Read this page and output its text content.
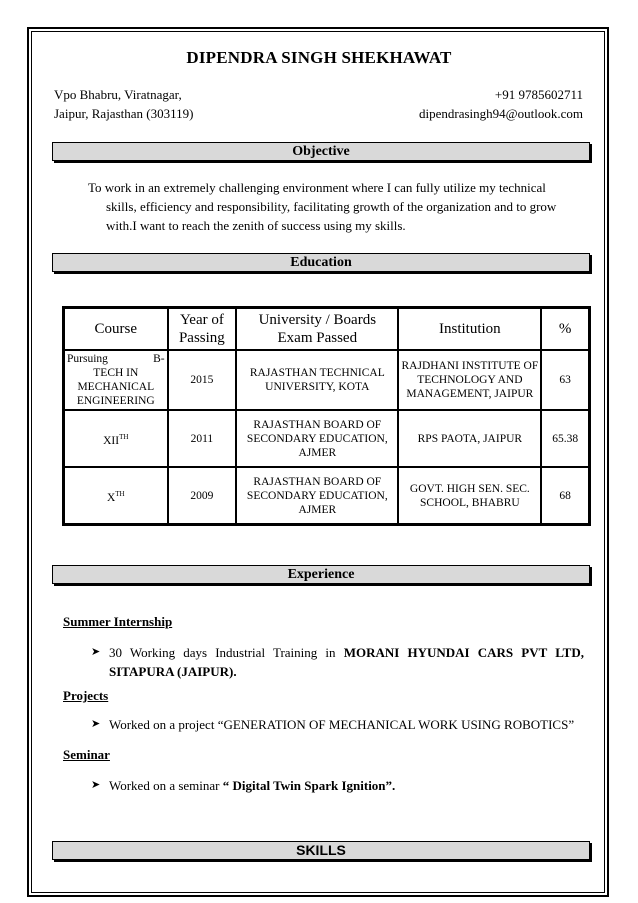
DIPENDRA SINGH SHEKHAWAT
Vpo Bhabru, Viratnagar,
Jaipur, Rajasthan (303119)
+91 9785602711
dipendrasingh94@outlook.com
Objective
To work in an extremely challenging environment where I can fully utilize my technical skills, efficiency and responsibility, facilitating growth of the organization and to grow with.I want to reach the zenith of success using my skills.
Education
Course	Year of Passing	University / Boards Exam Passed	Institution	%

Pursuing B-
TECH IN MECHANICAL ENGINEERING	2015	RAJASTHAN TECHNICAL UNIVERSITY, KOTA	RAJDHANI INSTITUTE OF TECHNOLOGY AND MANAGEMENT, JAIPUR	63
XIITH	2011	RAJASTHAN BOARD OF SECONDARY EDUCATION, AJMER	RPS PAOTA, JAIPUR	65.38
XTH	2009	RAJASTHAN BOARD OF SECONDARY EDUCATION, AJMER	GOVT. HIGH SEN. SEC. SCHOOL, BHABRU	68
Experience
Summer Internship
➤ 30 Working days Industrial Training in MORANI HYUNDAI CARS PVT LTD, SITAPURA (JAIPUR).
Projects
➤ Worked on a project “GENERATION OF MECHANICAL WORK USING ROBOTICS”
Seminar
➤ Worked on a seminar “ Digital Twin Spark Ignition”.
SKILLS
